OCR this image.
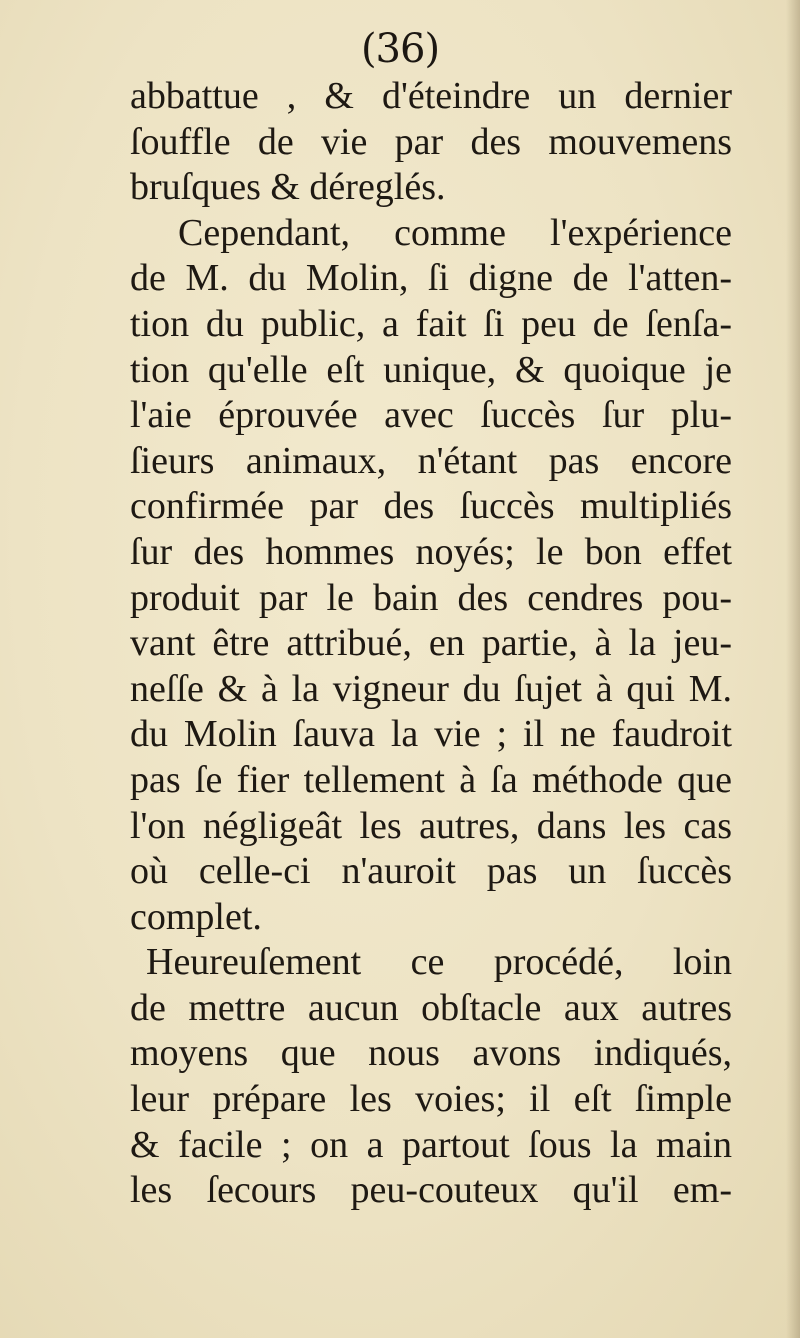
(36)
abbattue , & d'éteindre un dernier
ſouffle de vie par des mouvemens
bruſques & déreglés.
Cependant, comme l'expérience
de M. du Molin, ſi digne de l'atten-
tion du public, a fait ſi peu de ſenſa-
tion qu'elle eſt unique, & quoique je
l'aie éprouvée avec ſuccès ſur plu-
ſieurs animaux, n'étant pas encore
confirmée par des ſuccès multipliés
ſur des hommes noyés; le bon effet
produit par le bain des cendres pou-
vant être attribué, en partie, à la jeu-
neſſe & à la vigneur du ſujet à qui M.
du Molin ſauva la vie ; il ne faudroit
pas ſe fier tellement à ſa méthode que
l'on négligeât les autres, dans les cas
où celle-ci n'auroit pas un ſuccès
complet.
Heureuſement ce procédé, loin
de mettre aucun obſtacle aux autres
moyens que nous avons indiqués,
leur prépare les voies; il eſt ſimple
& facile ; on a partout ſous la main
les ſecours peu-couteux qu'il em-
